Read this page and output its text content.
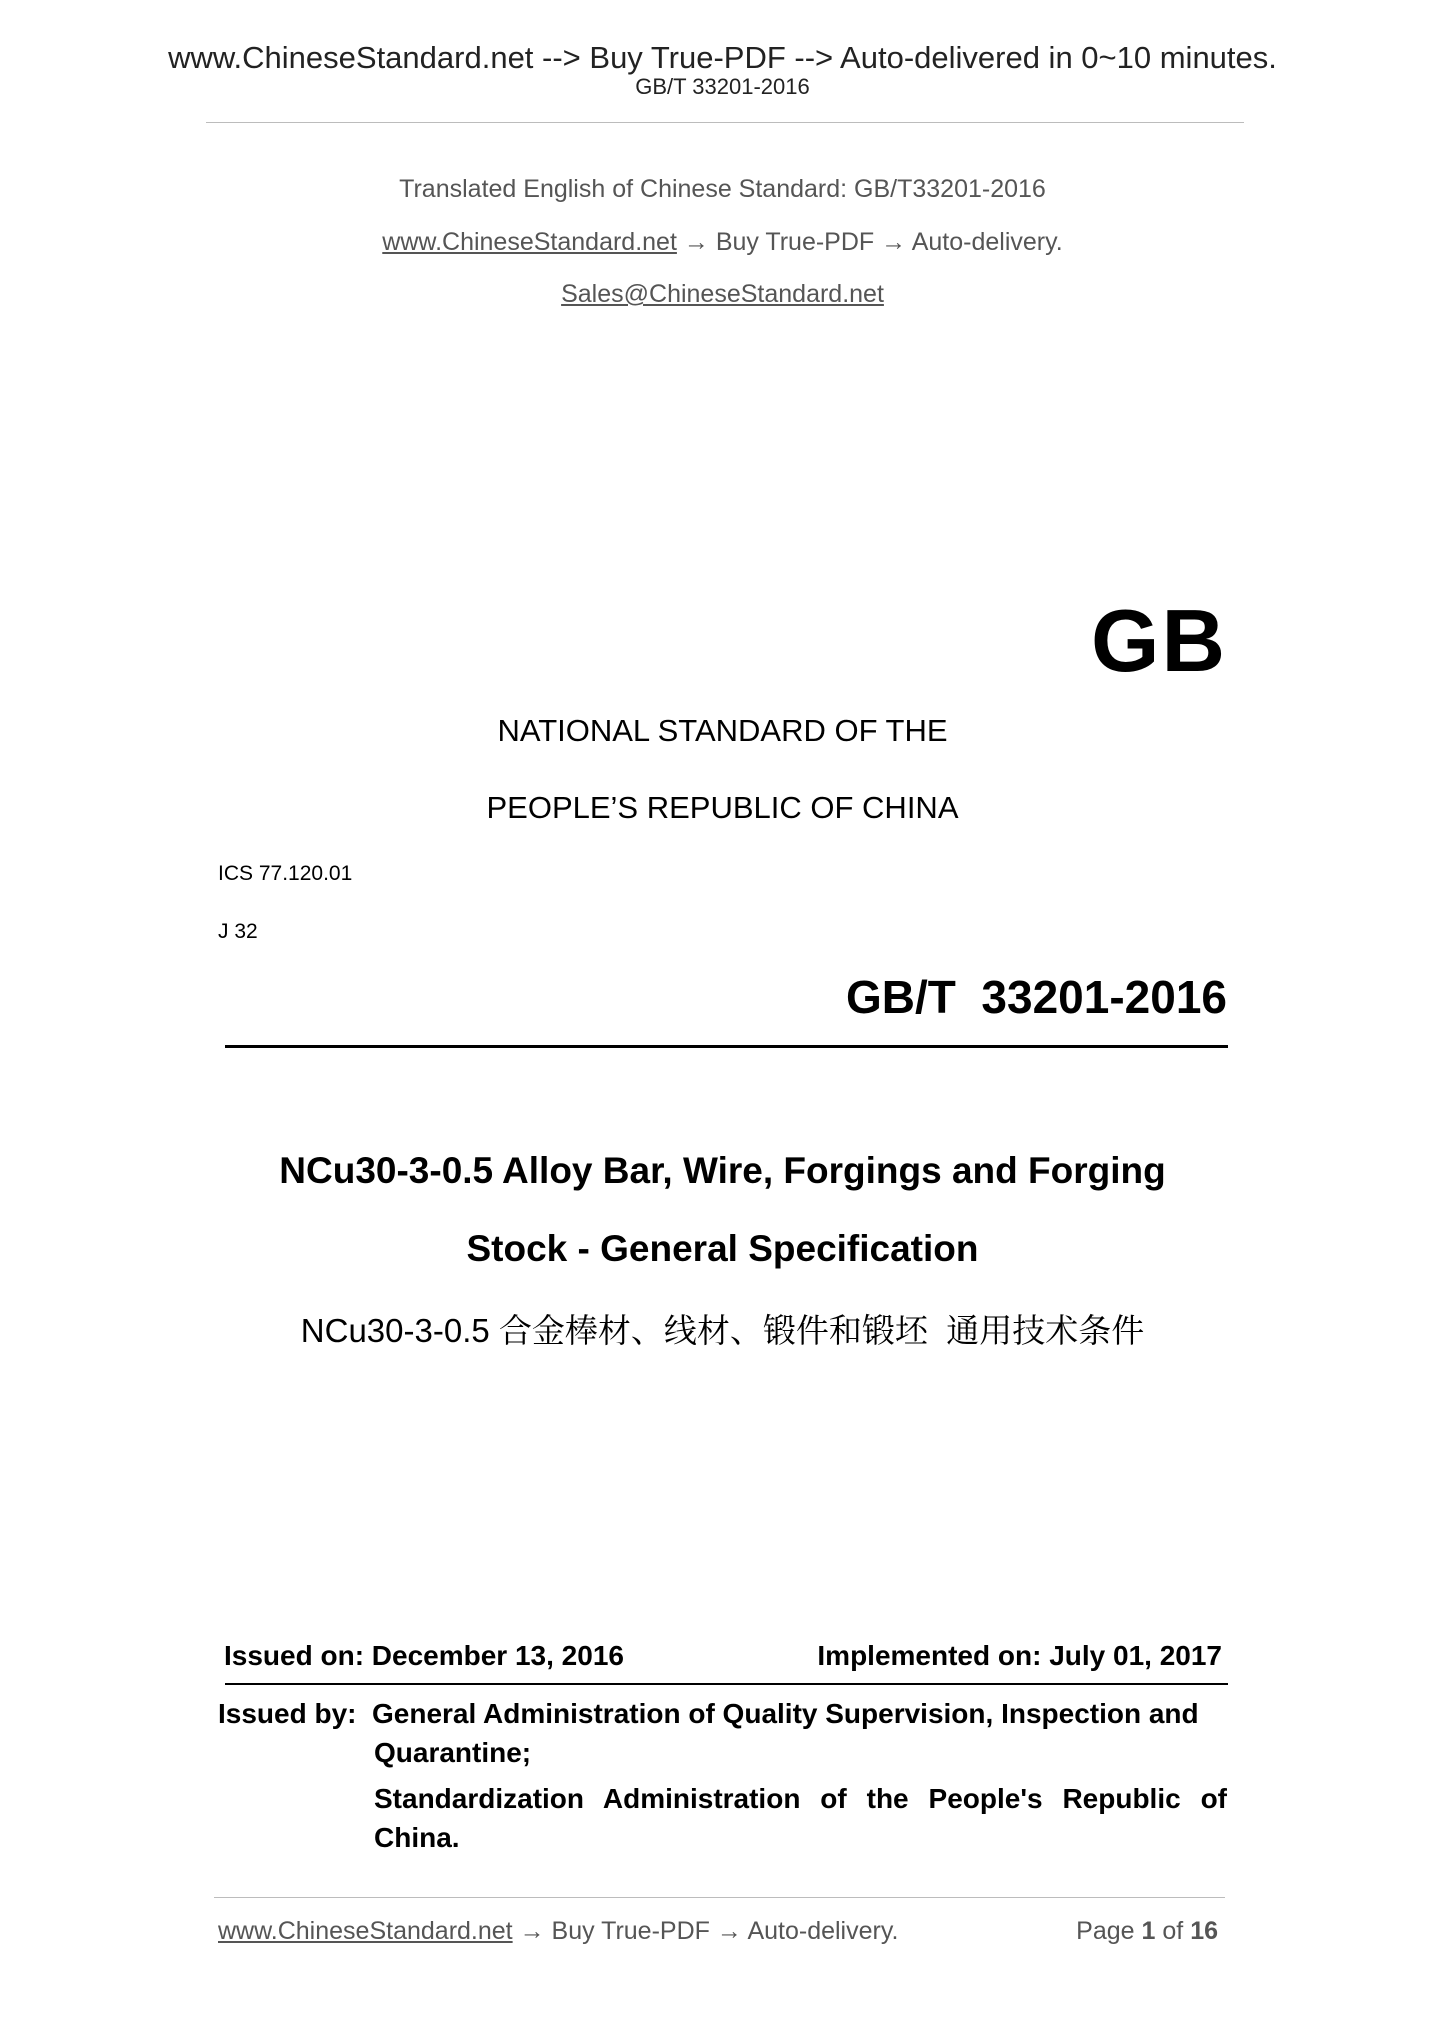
www.ChineseStandard.net --> Buy True-PDF --> Auto-delivered in 0~10 minutes.
GB/T 33201-2016
Translated English of Chinese Standard: GB/T33201-2016
www.ChineseStandard.net → Buy True-PDF → Auto-delivery.
Sales@ChineseStandard.net
GB
NATIONAL STANDARD OF THE
PEOPLE’S REPUBLIC OF CHINA
ICS 77.120.01
J 32
GB/T  33201-2016
NCu30-3-0.5 Alloy Bar, Wire, Forgings and Forging
Stock - General Specification
NCu30-3-0.5 合金棒材、线材、锻件和锻坯  通用技术条件
Issued on: December 13, 2016	Implemented on: July 01, 2017
Issued by: General Administration of Quality Supervision, Inspection and
Quarantine;
Standardization Administration of the People's Republic of
China.
www.ChineseStandard.net → Buy True-PDF → Auto-delivery.	Page 1 of 16
